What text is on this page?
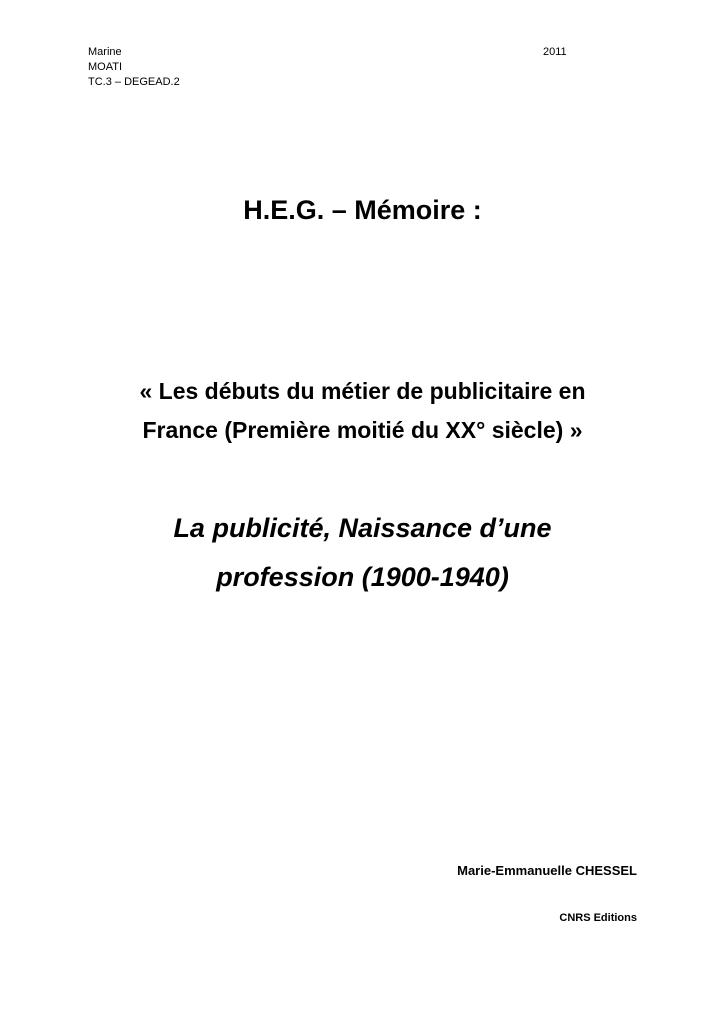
Marine
MOATI
TC.3 – DEGEAD.2
2011
H.E.G. – Mémoire :
« Les débuts du métier de publicitaire en
France (Première moitié du XX° siècle) »
La publicité, Naissance d’une
profession (1900-1940)
Marie-Emmanuelle CHESSEL
CNRS Editions
